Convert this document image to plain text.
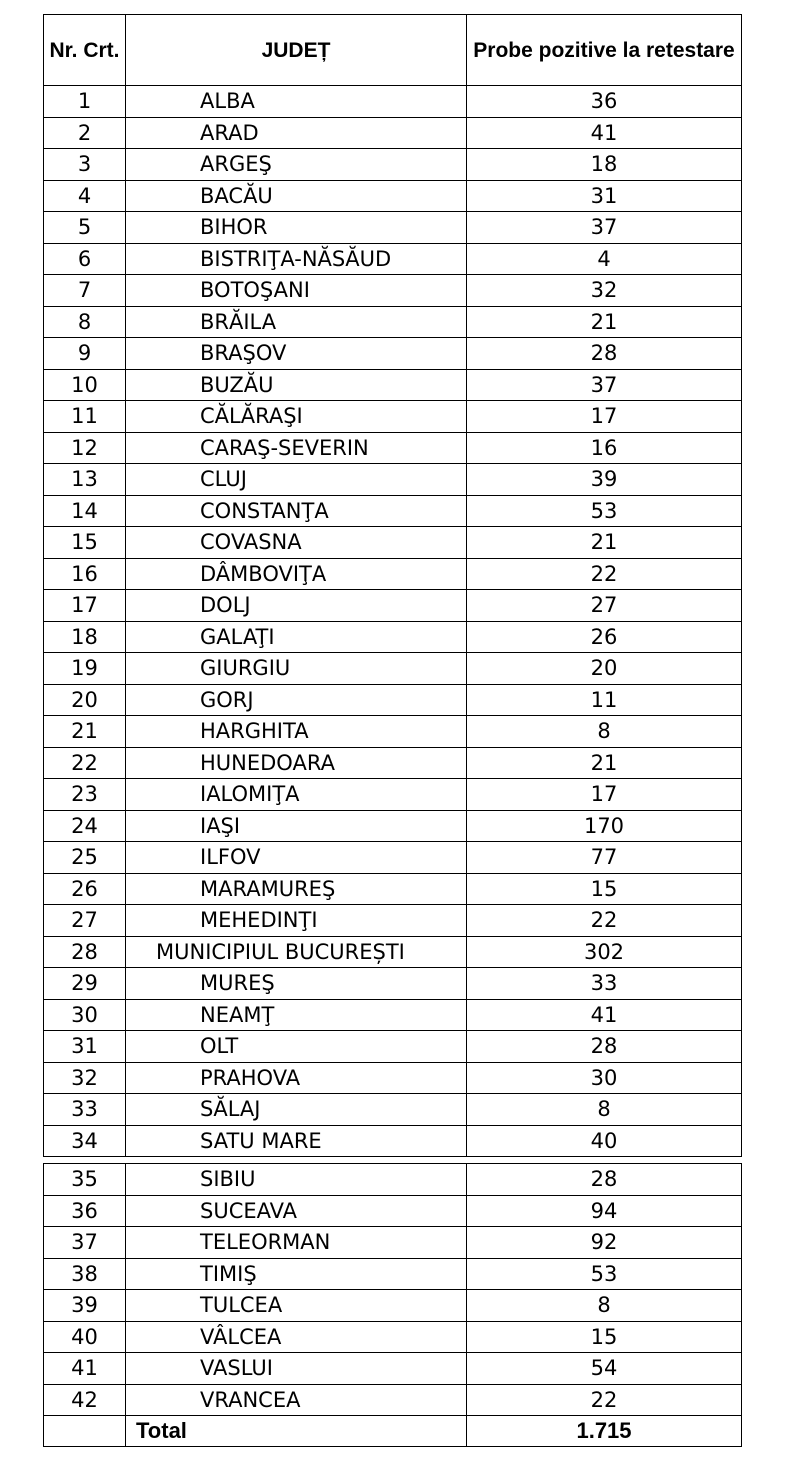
Nr. Crt.	JUDEȚ	Probe pozitive la retestare
1	ALBA	36
2	ARAD	41
3	ARGEŞ	18
4	BACĂU	31
5	BIHOR	37
6	BISTRIŢA-NĂSĂUD	4
7	BOTOŞANI	32
8	BRĂILA	21
9	BRAŞOV	28
10	BUZĂU	37
11	CĂLĂRAŞI	17
12	CARAŞ-SEVERIN	16
13	CLUJ	39
14	CONSTANŢA	53
15	COVASNA	21
16	DÂMBOVIŢA	22
17	DOLJ	27
18	GALAŢI	26
19	GIURGIU	20
20	GORJ	11
21	HARGHITA	8
22	HUNEDOARA	21
23	IALOMIŢA	17
24	IAŞI	170
25	ILFOV	77
26	MARAMUREŞ	15
27	MEHEDINŢI	22
28	MUNICIPIUL BUCUREȘTI	302
29	MUREŞ	33
30	NEAMŢ	41
31	OLT	28
32	PRAHOVA	30
33	SĂLAJ	8
34	SATU MARE	40
35	SIBIU	28
36	SUCEAVA	94
37	TELEORMAN	92
38	TIMIŞ	53
39	TULCEA	8
40	VÂLCEA	15
41	VASLUI	54
42	VRANCEA	22
	Total	1.715
